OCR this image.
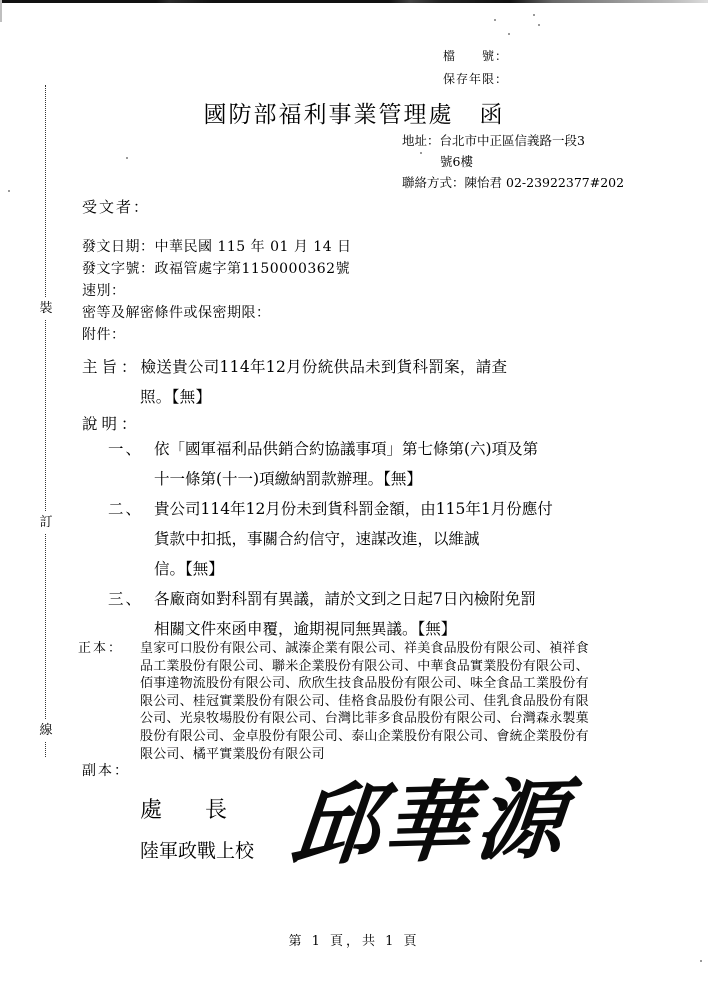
裝
訂
線
檔　　號：
保存年限：
國防部福利事業管理處 函
地址：台北市中正區信義路一段3
號6樓
聯絡方式：陳怡君 02-23922377#202
受文者：
發文日期：中華民國 115 年 01 月 14 日
發文字號：政福管處字第1150000362號
速別：
密等及解密條件或保密期限：
附件：
主旨：檢送貴公司114年12月份統供品未到貨科罰案，請查
照。【無】
說明：
一、 依「國軍福利品供銷合約協議事項」第七條第(六)項及第
十一條第(十一)項繳納罰款辦理。【無】
二、 貴公司114年12月份未到貨科罰金額，由115年1月份應付
貨款中扣抵，事關合約信守，速謀改進，以維誠
信。【無】
三、 各廠商如對科罰有異議，請於文到之日起7日內檢附免罰
相關文件來函申覆，逾期視同無異議。【無】
正本： 皇家可口股份有限公司、誠溱企業有限公司、祥美食品股份有限公司、禎祥食
品工業股份有限公司、聯米企業股份有限公司、中華食品實業股份有限公司、
佰事達物流股份有限公司、欣欣生技食品股份有限公司、味全食品工業股份有
限公司、桂冠實業股份有限公司、佳格食品股份有限公司、佳乳食品股份有限
公司、光泉牧場股份有限公司、台灣比菲多食品股份有限公司、台灣森永製菓
股份有限公司、金卓股份有限公司、泰山企業股份有限公司、會統企業股份有
限公司、橘平實業股份有限公司
副本：
處 長
陸軍政戰上校 邱華源
第 1 頁，共 1 頁
